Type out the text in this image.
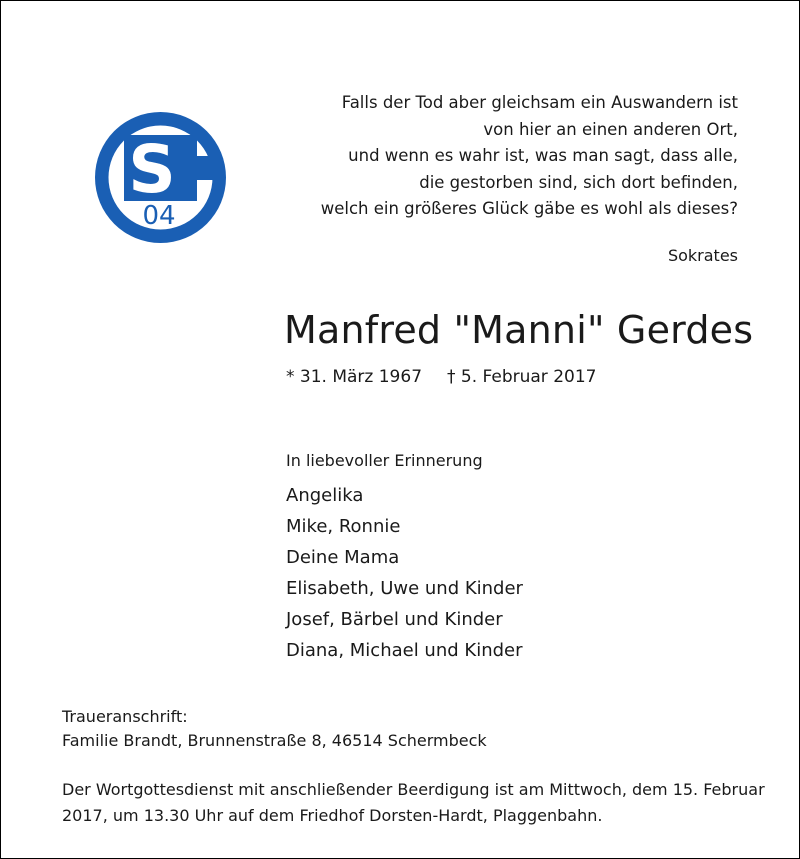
S
04
Falls der Tod aber gleichsam ein Auswandern ist
von hier an einen anderen Ort,
und wenn es wahr ist, was man sagt, dass alle,
die gestorben sind, sich dort befinden,
welch ein größeres Glück gäbe es wohl als dieses?
Sokrates
Manfred "Manni" Gerdes
* 31. März 1967 † 5. Februar 2017
In liebevoller Erinnerung
Angelika
Mike, Ronnie
Deine Mama
Elisabeth, Uwe und Kinder
Josef, Bärbel und Kinder
Diana, Michael und Kinder
Traueranschrift:
Familie Brandt, Brunnenstraße 8, 46514 Schermbeck
Der Wortgottesdienst mit anschließender Beerdigung ist am Mittwoch, dem 15. Februar
2017, um 13.30 Uhr auf dem Friedhof Dorsten-Hardt, Plaggenbahn.
